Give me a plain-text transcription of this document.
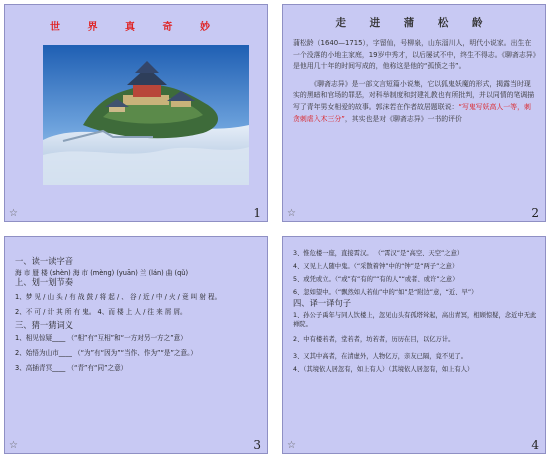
世 界 真 奇 妙
☆	1
走 进 蒲 松 龄

蒲松龄（1640—1715），字留仙，号柳泉，山东淄川人，明代小说家。出生在一个没落的小地主家庭，19岁中秀才，以后屡试不中，终生不得志。《聊斋志异》是他用几十年的时间写成的，他称这是他的“孤愤之书”。

《聊斋志异》是一部文言短篇小说集，它以狐鬼妖魔的形式，揭露当时现实的黑暗和官场的罪恶，对科举制度和封建礼教也有所批判，并以同情的笔调描写了青年男女相爱的故事。郭沫若在作者故居题联说：“写鬼写妖高人一等，刺贪刺虐入木三分”，其实也是对《聊斋志异》一书的评价

☆	2

一、读一读字音

海 市 蜃 楼 (shèn) 海 市 (mèng) (yuān) 兰 (lán) 曲 (qǔ)

上、划一划节奏

1、梦 见 / 山 头 / 有 战 鼓 / 将 起 / 、 谷 / 近 / 中 / 火 / 竟 叫 射 程。

2、不 可 / 计 其 所 有 鬼。 4、而 楼 上 人 / 往 来 屑 屑。

三、猜一猜词义

1、相见惊疑____ （“相”有“互相”和“一方对另一方之”意）

2、始悟为山市____ （“为”有“因为”“当作、作为”“是”之意。）

3、高插青冥____ （“青”有“同”之意）

☆	3

3、惟危楼一座，直接霄汉。 （“霄汉”是“高空、天空”之意）

4、又见上人随中鬼。（“采散着钟”中的“钟”是“两子”之意）

5、或凭或立。（“或”有“有的”“有的人”“或者、或许”之意）

6、忽如望中。（“飘然如人若仙”中的“如”是“附边”意，“近、早”）

四、译一译句子

1、孙公子禹年与同人饮楼上，忽见山头有孤塔耸起，高出青冥，相顾惊疑，念近中无此禅院。

2、中有楼若者，堂若者，坊若者，历历在目，以亿万计。

3、又其中高者，在清虚外，人物亿万，亲友已隔，竟不见了。

4、（其境依人居忽有，如上有人）（其境依人居忽有，如上有人）

☆	4
